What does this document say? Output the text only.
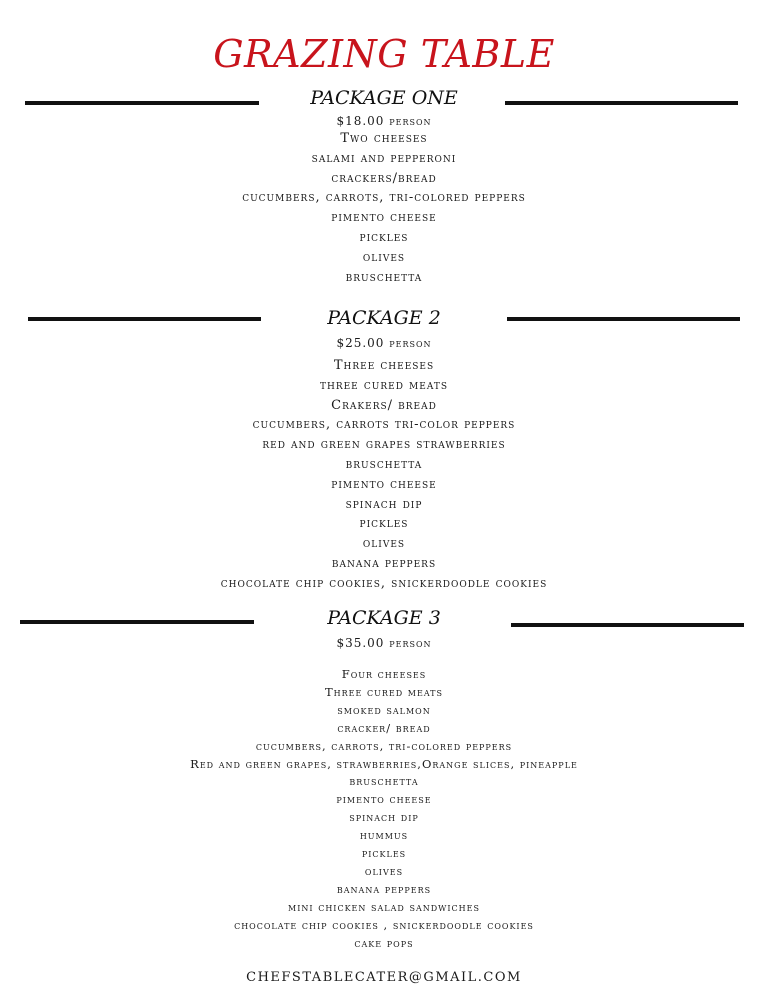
GRAZING TABLE
PACKAGE ONE
$18.00 person
Two cheeses
salami and pepperoni
crackers/bread
cucumbers, carrots, tri-colored peppers
pimento cheese
pickles
olives
bruschetta
PACKAGE 2
$25.00 person
Three cheeses
three cured meats
Crakers/ bread
cucumbers, carrots tri-color peppers
red and green grapes strawberries
bruschetta
pimento cheese
spinach dip
pickles
olives
banana peppers
chocolate chip cookies, snickerdoodle cookies
PACKAGE 3
$35.00 person
Four cheeses
Three cured meats
smoked salmon
cracker/ bread
cucumbers, carrots, tri-colored peppers
Red and green grapes, strawberries,Orange slices, pineapple
bruschetta
pimento cheese
spinach dip
hummus
pickles
olives
banana peppers
mini chicken salad sandwiches
chocolate chip cookies , snickerdoodle cookies
cake pops
CHEFSTABLECATER@GMAIL.COM
